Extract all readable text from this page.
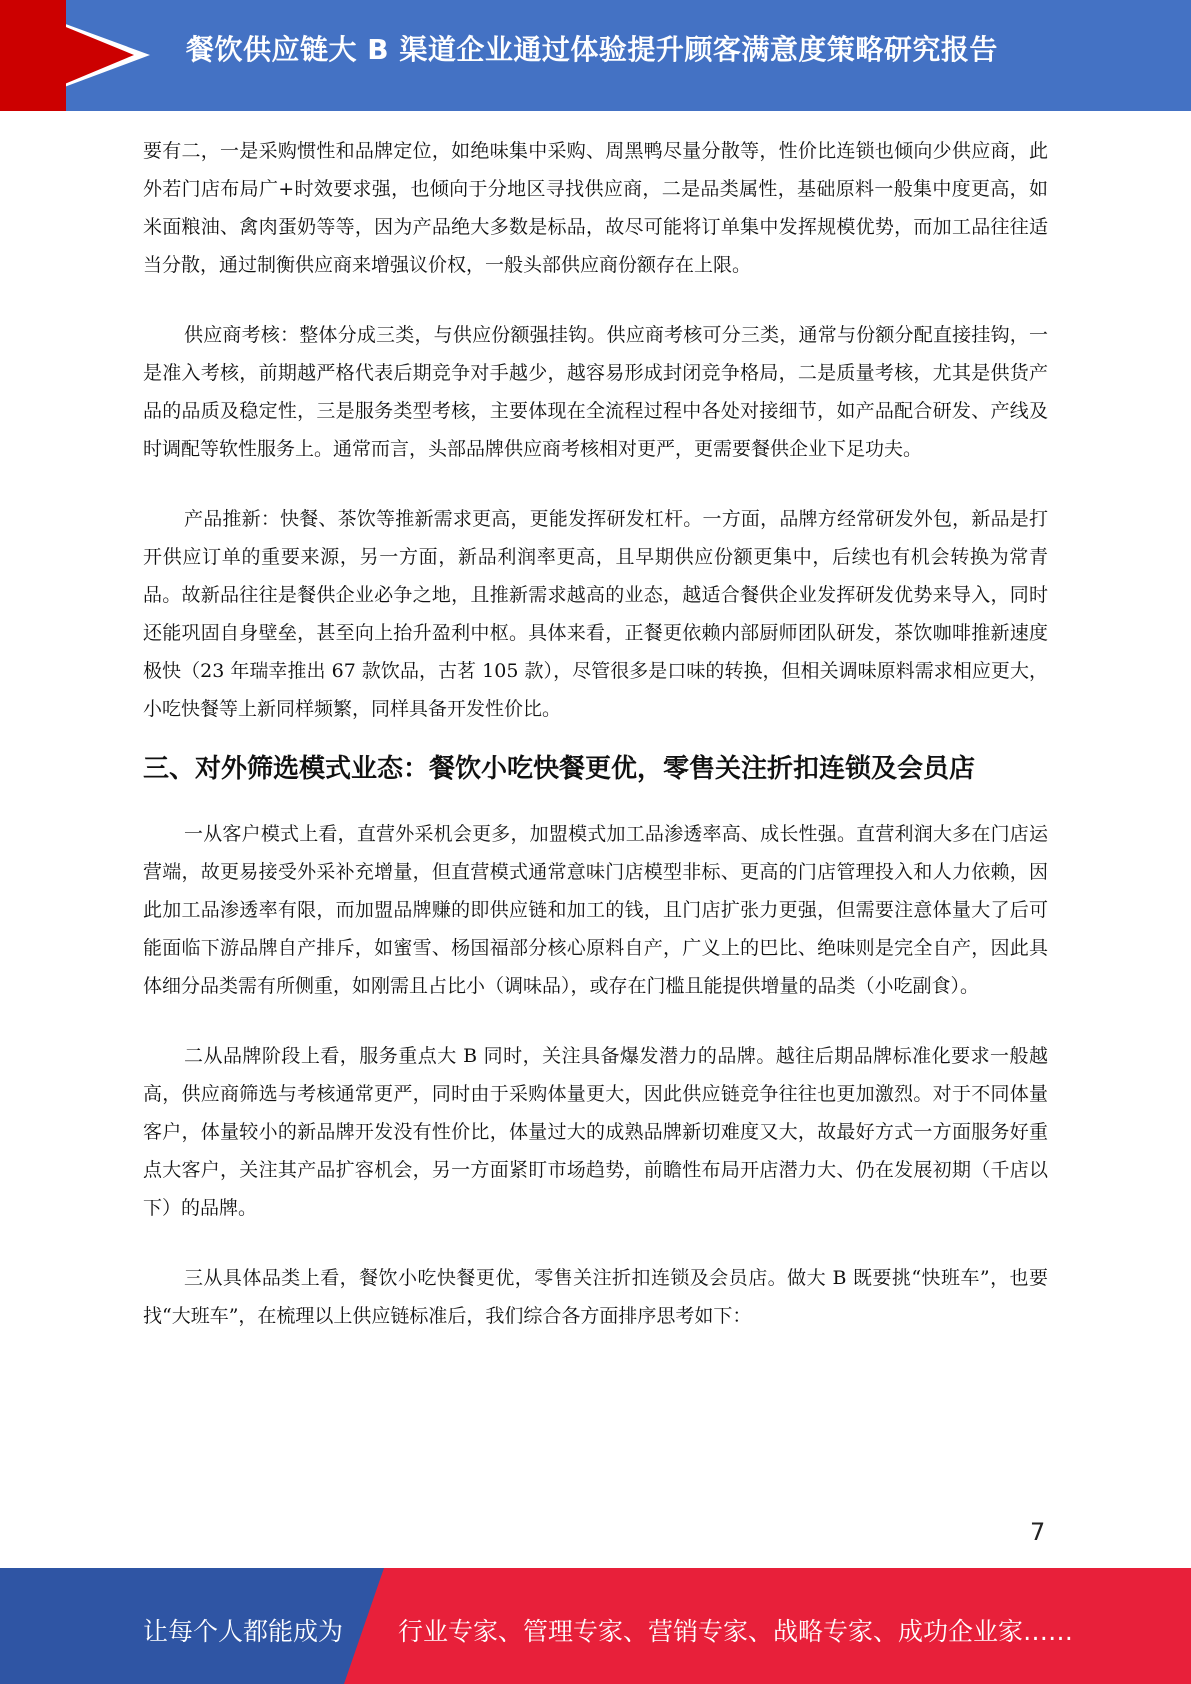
餐饮供应链大 B 渠道企业通过体验提升顾客满意度策略研究报告

要有二，一是采购惯性和品牌定位，如绝味集中采购、周黑鸭尽量分散等，性价比连锁也倾向少供应商，此外若门店布局广+时效要求强，也倾向于分地区寻找供应商，二是品类属性，基础原料一般集中度更高，如米面粮油、禽肉蛋奶等等，因为产品绝大多数是标品，故尽可能将订单集中发挥规模优势，而加工品往往适当分散，通过制衡供应商来增强议价权，一般头部供应商份额存在上限。

供应商考核：整体分成三类，与供应份额强挂钩。供应商考核可分三类，通常与份额分配直接挂钩，一是准入考核，前期越严格代表后期竞争对手越少，越容易形成封闭竞争格局，二是质量考核，尤其是供货产品的品质及稳定性，三是服务类型考核，主要体现在全流程过程中各处对接细节，如产品配合研发、产线及时调配等软性服务上。通常而言，头部品牌供应商考核相对更严，更需要餐供企业下足功夫。

产品推新：快餐、茶饮等推新需求更高，更能发挥研发杠杆。一方面，品牌方经常研发外包，新品是打开供应订单的重要来源，另一方面，新品利润率更高，且早期供应份额更集中，后续也有机会转换为常青品。故新品往往是餐供企业必争之地，且推新需求越高的业态，越适合餐供企业发挥研发优势来导入，同时还能巩固自身壁垒，甚至向上抬升盈利中枢。具体来看，正餐更依赖内部厨师团队研发，茶饮咖啡推新速度极快（23 年瑞幸推出 67 款饮品，古茗 105 款），尽管很多是口味的转换，但相关调味原料需求相应更大，小吃快餐等上新同样频繁，同样具备开发性价比。

三、对外筛选模式业态：餐饮小吃快餐更优，零售关注折扣连锁及会员店

一从客户模式上看，直营外采机会更多，加盟模式加工品渗透率高、成长性强。直营利润大多在门店运营端，故更易接受外采补充增量，但直营模式通常意味门店模型非标、更高的门店管理投入和人力依赖，因此加工品渗透率有限，而加盟品牌赚的即供应链和加工的钱，且门店扩张力更强，但需要注意体量大了后可能面临下游品牌自产排斥，如蜜雪、杨国福部分核心原料自产，广义上的巴比、绝味则是完全自产，因此具体细分品类需有所侧重，如刚需且占比小（调味品），或存在门槛且能提供增量的品类（小吃副食）。

二从品牌阶段上看，服务重点大 B 同时，关注具备爆发潜力的品牌。越往后期品牌标准化要求一般越高，供应商筛选与考核通常更严，同时由于采购体量更大，因此供应链竞争往往也更加激烈。对于不同体量客户，体量较小的新品牌开发没有性价比，体量过大的成熟品牌新切难度又大，故最好方式一方面服务好重点大客户，关注其产品扩容机会，另一方面紧盯市场趋势，前瞻性布局开店潜力大、仍在发展初期（千店以下）的品牌。

三从具体品类上看，餐饮小吃快餐更优，零售关注折扣连锁及会员店。做大 B 既要挑“快班车”，也要找“大班车”，在梳理以上供应链标准后，我们综合各方面排序思考如下：

7
让每个人都能成为 行业专家、管理专家、营销专家、战略专家、成功企业家……
